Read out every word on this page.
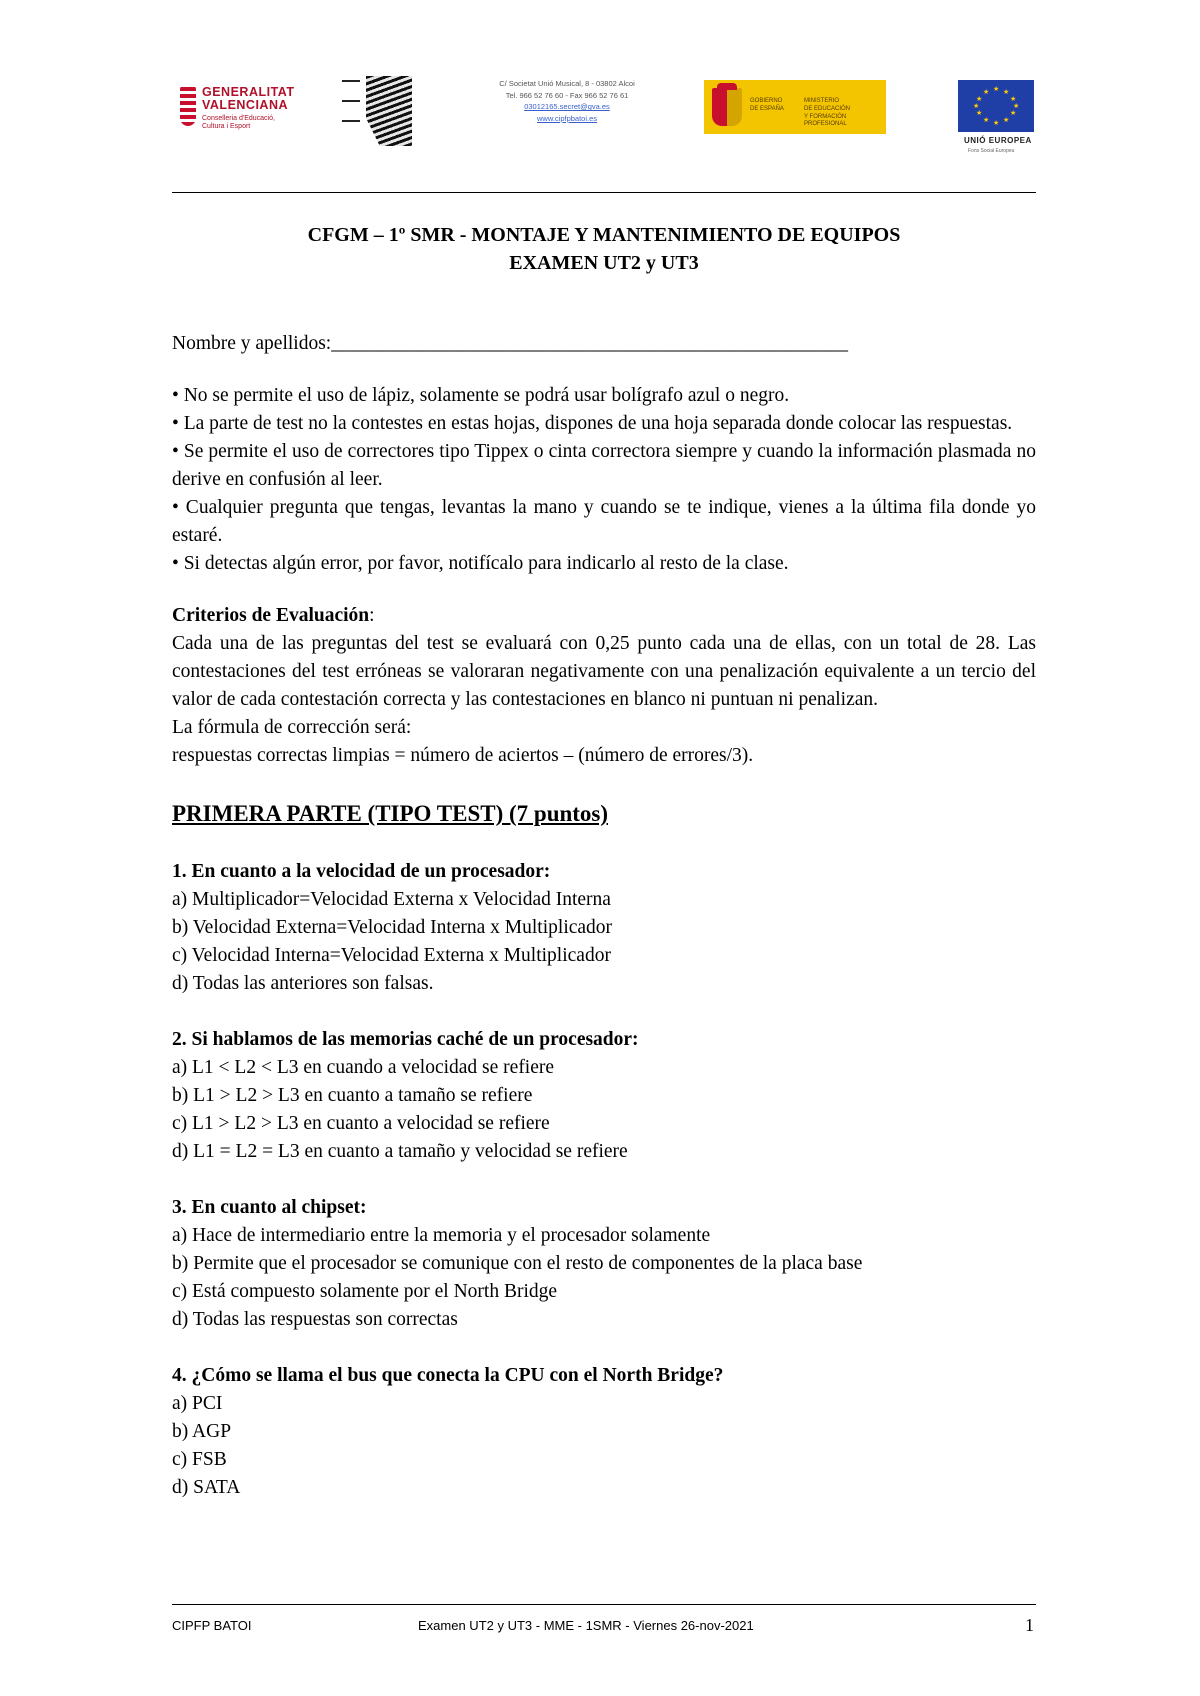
GENERALITAT
VALENCIANA
Conselleria d'Educació,
Cultura i Esport
C/ Societat Unió Musical, 8 - 03802 Alcoi
Tel. 966 52 76 60 - Fax 966 52 76 61
03012165.secret@gva.es
www.cipfpbatoi.es
GOBIERNO
DE ESPAÑA
MINISTERIO
DE EDUCACIÓN
Y FORMACIÓN PROFESIONAL
★ ★
★
★
★
★
★
★
★
★
★
★
UNIÓ EUROPEA
Fons Social Europeu
CFGM – 1º SMR - MONTAJE Y MANTENIMIENTO DE EQUIPOS
EXAMEN UT2 y UT3

Nombre y apellidos:_____________________________________________________

• No se permite el uso de lápiz, solamente se podrá usar bolígrafo azul o negro.

• La parte de test no la contestes en estas hojas, dispones de una hoja separada donde colocar las respuestas.

• Se permite el uso de correctores tipo Tippex o cinta correctora siempre y cuando la información plasmada no derive en confusión al leer.

• Cualquier pregunta que tengas, levantas la mano y cuando se te indique, vienes a la última fila donde yo estaré.

• Si detectas algún error, por favor, notifícalo para indicarlo al resto de la clase.

Criterios de Evaluación:

Cada una de las preguntas del test se evaluará con 0,25 punto cada una de ellas, con un total de 28. Las contestaciones del test erróneas se valoraran negativamente con una penalización equivalente a un tercio del valor de cada contestación correcta y las contestaciones en blanco ni puntuan ni penalizan.

La fórmula de corrección será:

respuestas correctas limpias = número de aciertos – (número de errores/3).

PRIMERA PARTE (TIPO TEST) (7 puntos)

1. En cuanto a la velocidad de un procesador:

a) Multiplicador=Velocidad Externa x Velocidad Interna

b) Velocidad Externa=Velocidad Interna x Multiplicador

c) Velocidad Interna=Velocidad Externa x Multiplicador

d) Todas las anteriores son falsas.

2. Si hablamos de las memorias caché de un procesador:

a) L1 < L2 < L3 en cuando a velocidad se refiere

b) L1 > L2 > L3 en cuanto a tamaño se refiere

c) L1 > L2 > L3 en cuanto a velocidad se refiere

d) L1 = L2 = L3 en cuanto a tamaño y velocidad se refiere

3. En cuanto al chipset:

a) Hace de intermediario entre la memoria y el procesador solamente

b) Permite que el procesador se comunique con el resto de componentes de la placa base

c) Está compuesto solamente por el North Bridge

d) Todas las respuestas son correctas

4. ¿Cómo se llama el bus que conecta la CPU con el North Bridge?

a) PCI

b) AGP

c) FSB

d) SATA

CIPFP BATOI	Examen UT2 y UT3 - MME - 1SMR - Viernes 26-nov-2021	1
